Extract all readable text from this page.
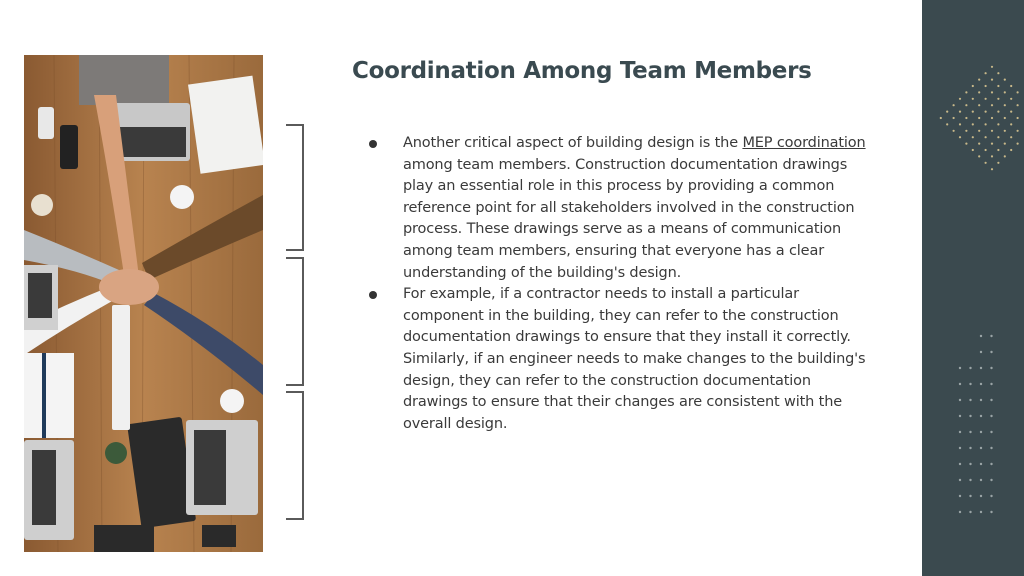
Coordination Among Team Members
Another critical aspect of building design is the MEP coordination among team members. Construction documentation drawings play an essential role in this process by providing a common reference point for all stakeholders involved in the construction process. These drawings serve as a means of communication among team members, ensuring that everyone has a clear understanding of the building's design.
For example, if a contractor needs to install a particular component in the building, they can refer to the construction documentation drawings to ensure that they install it correctly. Similarly, if an engineer needs to make changes to the building's design, they can refer to the construction documentation drawings to ensure that their changes are consistent with the overall design.
